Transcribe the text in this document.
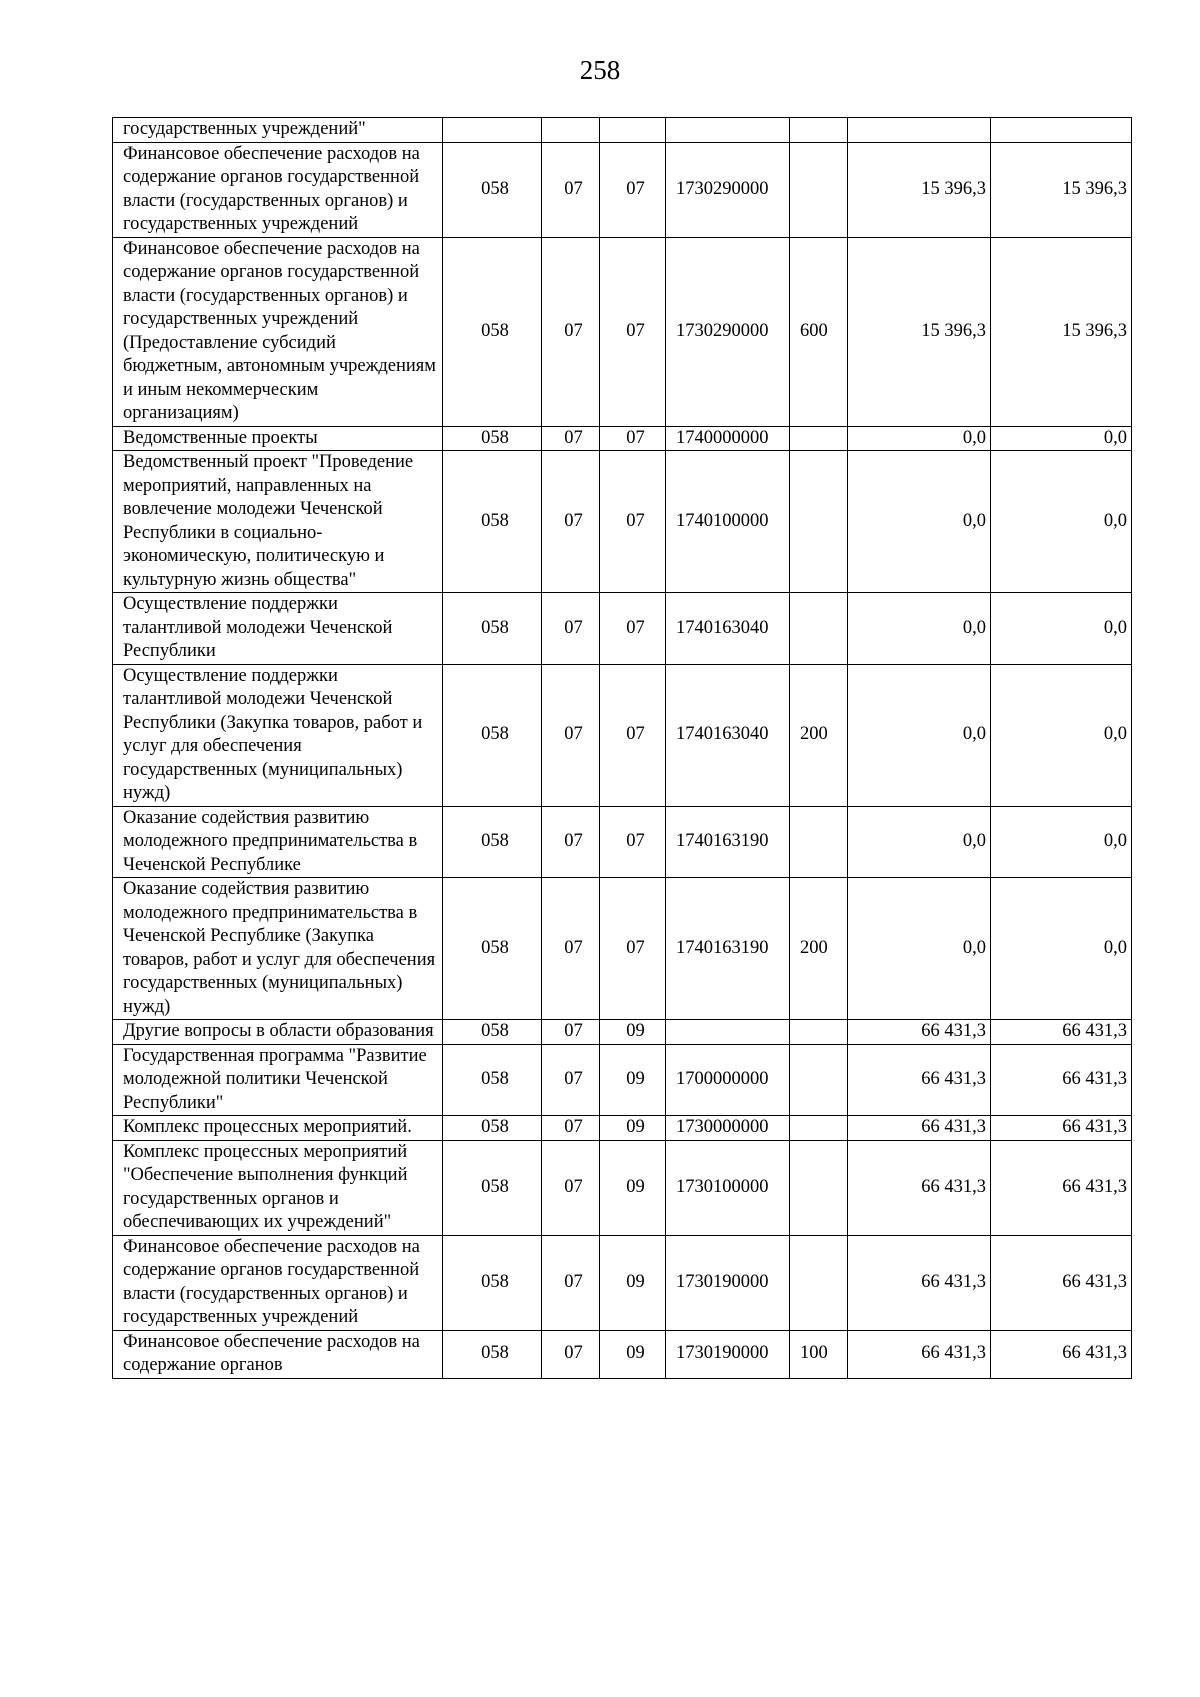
258
государственных учреждений"							
Финансовое обеспечение расходов на содержание органов государственной власти (государственных органов) и государственных учреждений	058	07	07	1730290000		15 396,3	15 396,3
Финансовое обеспечение расходов на содержание органов государственной власти (государственных органов) и государственных учреждений (Предоставление субсидий бюджетным, автономным учреждениям и иным некоммерческим организациям)	058	07	07	1730290000	600	15 396,3	15 396,3
Ведомственные проекты	058	07	07	1740000000		0,0	0,0
Ведомственный проект "Проведение мероприятий, направленных на вовлечение молодежи Чеченской Республики в социально-экономическую, политическую и культурную жизнь общества"	058	07	07	1740100000		0,0	0,0
Осуществление поддержки талантливой молодежи Чеченской Республики	058	07	07	1740163040		0,0	0,0
Осуществление поддержки талантливой молодежи Чеченской Республики (Закупка товаров, работ и услуг для обеспечения государственных (муниципальных) нужд)	058	07	07	1740163040	200	0,0	0,0
Оказание содействия развитию молодежного предпринимательства в Чеченской Республике	058	07	07	1740163190		0,0	0,0
Оказание содействия развитию молодежного предпринимательства в Чеченской Республике (Закупка товаров, работ и услуг для обеспечения государственных (муниципальных) нужд)	058	07	07	1740163190	200	0,0	0,0
Другие вопросы в области образования	058	07	09			66 431,3	66 431,3
Государственная программа "Развитие молодежной политики Чеченской Республики"	058	07	09	1700000000		66 431,3	66 431,3
Комплекс процессных мероприятий.	058	07	09	1730000000		66 431,3	66 431,3
Комплекс процессных мероприятий "Обеспечение выполнения функций государственных органов и обеспечивающих их учреждений"	058	07	09	1730100000		66 431,3	66 431,3
Финансовое обеспечение расходов на содержание органов государственной власти (государственных органов) и государственных учреждений	058	07	09	1730190000		66 431,3	66 431,3
Финансовое обеспечение расходов на содержание органов	058	07	09	1730190000	100	66 431,3	66 431,3
